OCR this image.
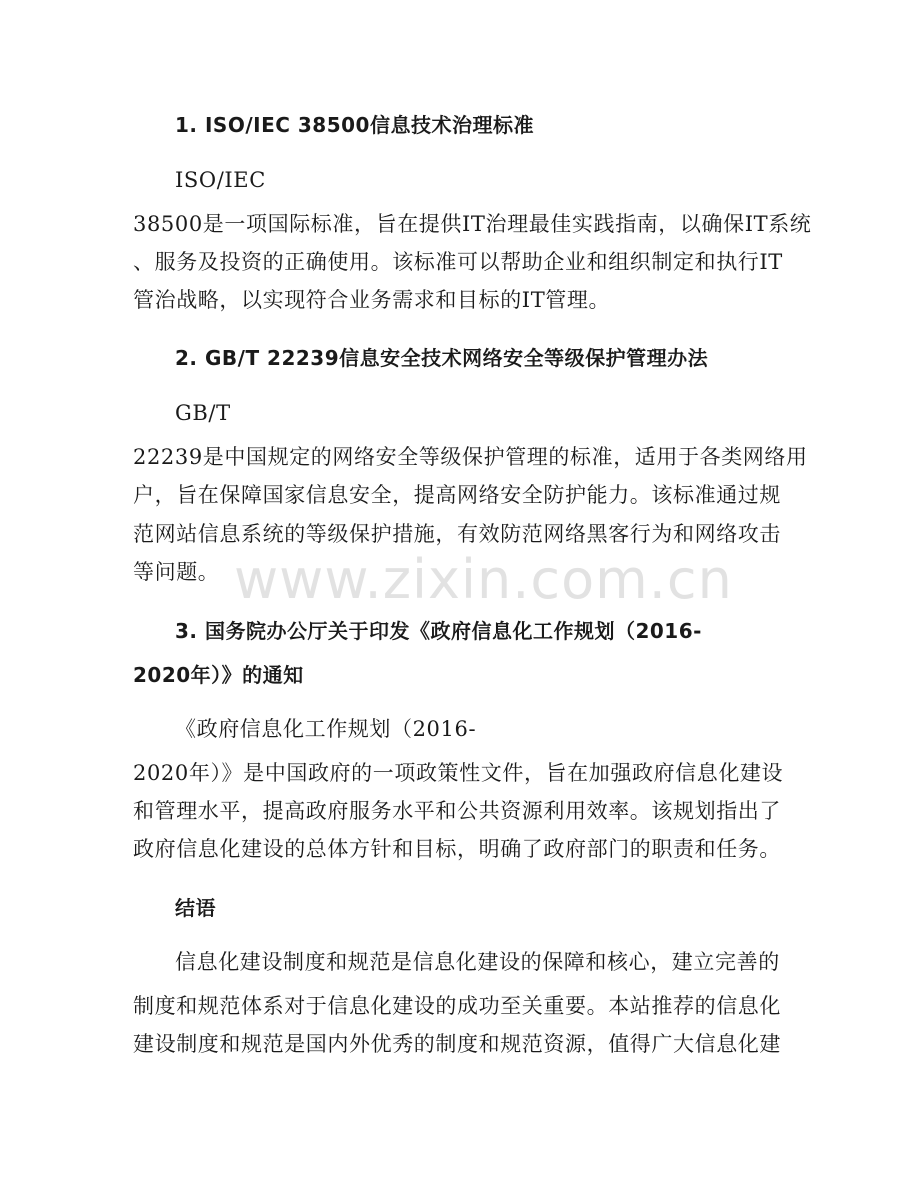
1. ISO/IEC 38500信息技术治理标准
ISO/IEC
38500是一项国际标准，旨在提供IT治理最佳实践指南，以确保IT系统
、服务及投资的正确使用。该标准可以帮助企业和组织制定和执行IT
管治战略，以实现符合业务需求和目标的IT管理。
2. GB/T 22239信息安全技术网络安全等级保护管理办法
GB/T
22239是中国规定的网络安全等级保护管理的标准，适用于各类网络用
户，旨在保障国家信息安全，提高网络安全防护能力。该标准通过规
范网站信息系统的等级保护措施，有效防范网络黑客行为和网络攻击
等问题。
3. 国务院办公厅关于印发《政府信息化工作规划（2016-
2020年）》的通知
《政府信息化工作规划（2016-
2020年）》是中国政府的一项政策性文件，旨在加强政府信息化建设
和管理水平，提高政府服务水平和公共资源利用效率。该规划指出了
政府信息化建设的总体方针和目标，明确了政府部门的职责和任务。
结语
信息化建设制度和规范是信息化建设的保障和核心，建立完善的
制度和规范体系对于信息化建设的成功至关重要。本站推荐的信息化
建设制度和规范是国内外优秀的制度和规范资源，值得广大信息化建
www.zixin.com.cn
